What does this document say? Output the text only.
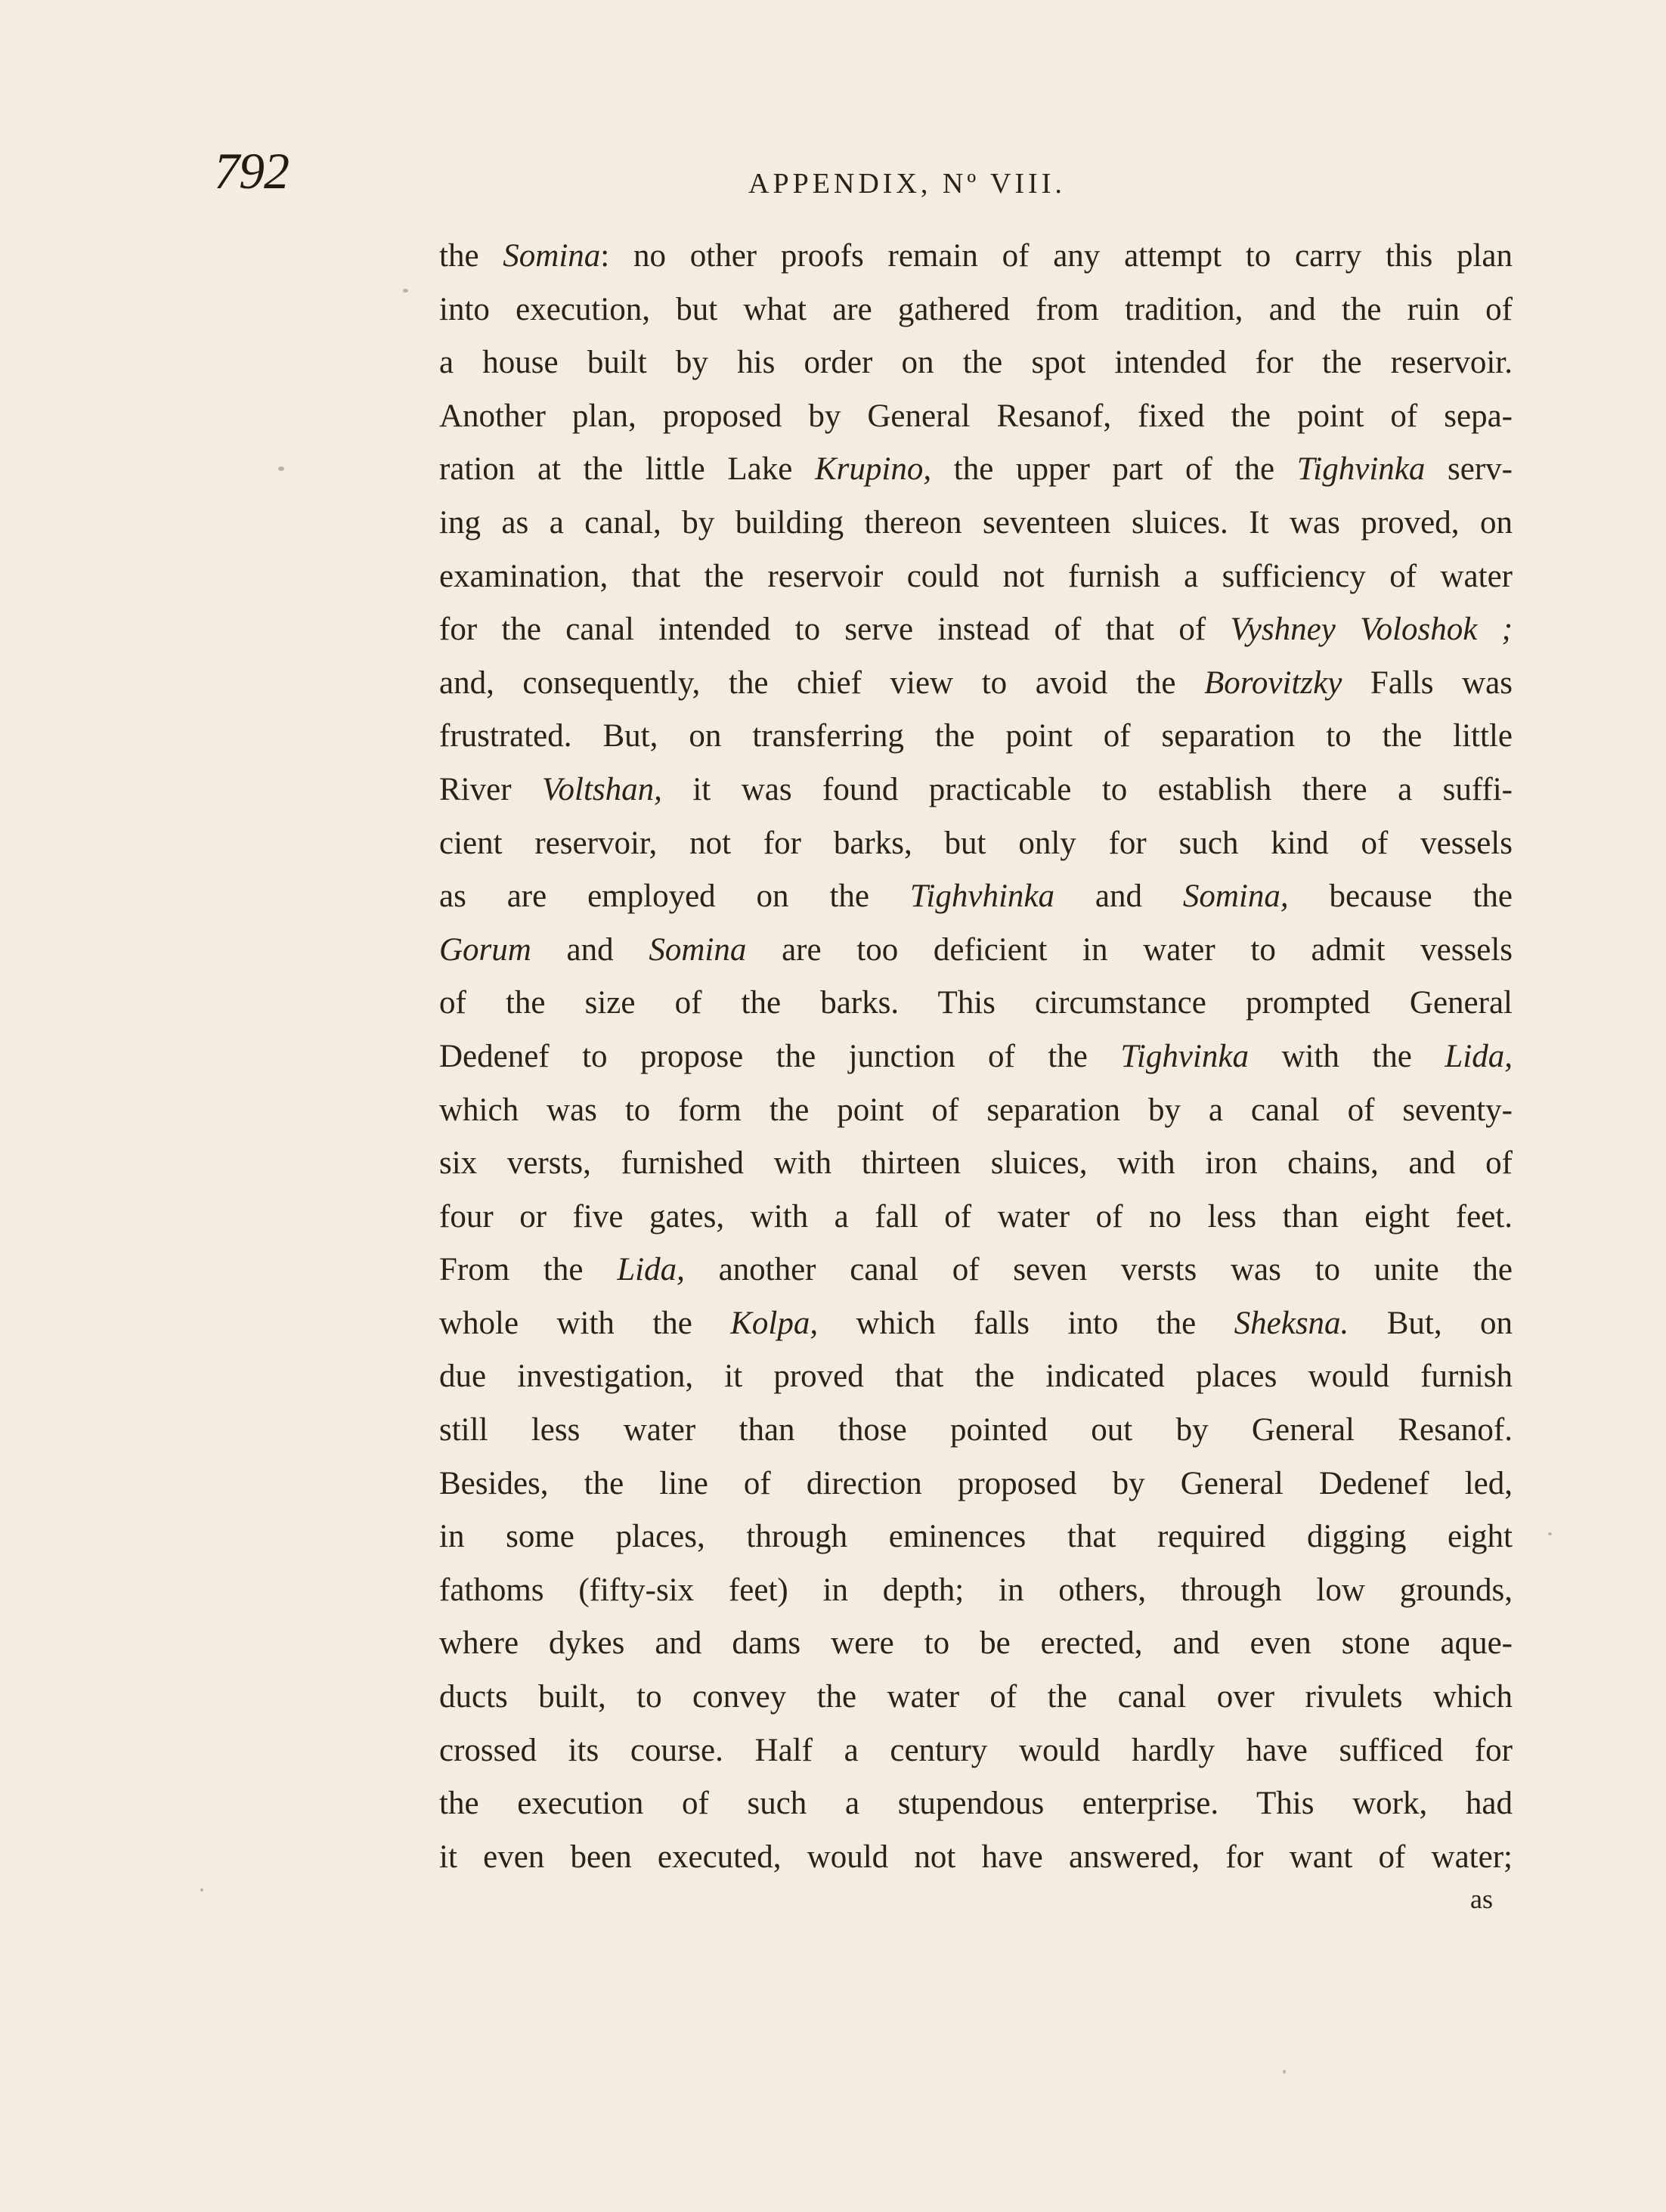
792	APPENDIX, Nº VIII.
the Somina: no other proofs remain of any attempt to carry this plan
into execution, but what are gathered from tradition, and the ruin of
a house built by his order on the spot intended for the reservoir.
Another plan, proposed by General Resanof, fixed the point of sepa-
ration at the little Lake Krupino, the upper part of the Tighvinka serv-
ing as a canal, by building thereon seventeen sluices. It was proved, on
examination, that the reservoir could not furnish a sufficiency of water
for the canal intended to serve instead of that of Vyshney Voloshok ;
and, consequently, the chief view to avoid the Borovitzky Falls was
frustrated. But, on transferring the point of separation to the little
River Voltshan, it was found practicable to establish there a suffi-
cient reservoir, not for barks, but only for such kind of vessels
as are employed on the Tighvhinka and Somina, because the
Gorum and Somina are too deficient in water to admit vessels
of the size of the barks. This circumstance prompted General
Dedenef to propose the junction of the Tighvinka with the Lida,
which was to form the point of separation by a canal of seventy-
six versts, furnished with thirteen sluices, with iron chains, and of
four or five gates, with a fall of water of no less than eight feet.
From the Lida, another canal of seven versts was to unite the
whole with the Kolpa, which falls into the Sheksna. But, on
due investigation, it proved that the indicated places would furnish
still less water than those pointed out by General Resanof.
Besides, the line of direction proposed by General Dedenef led,
in some places, through eminences that required digging eight
fathoms (fifty-six feet) in depth; in others, through low grounds,
where dykes and dams were to be erected, and even stone aque-
ducts built, to convey the water of the canal over rivulets which
crossed its course. Half a century would hardly have sufficed for
the execution of such a stupendous enterprise. This work, had
it even been executed, would not have answered, for want of water;
as
